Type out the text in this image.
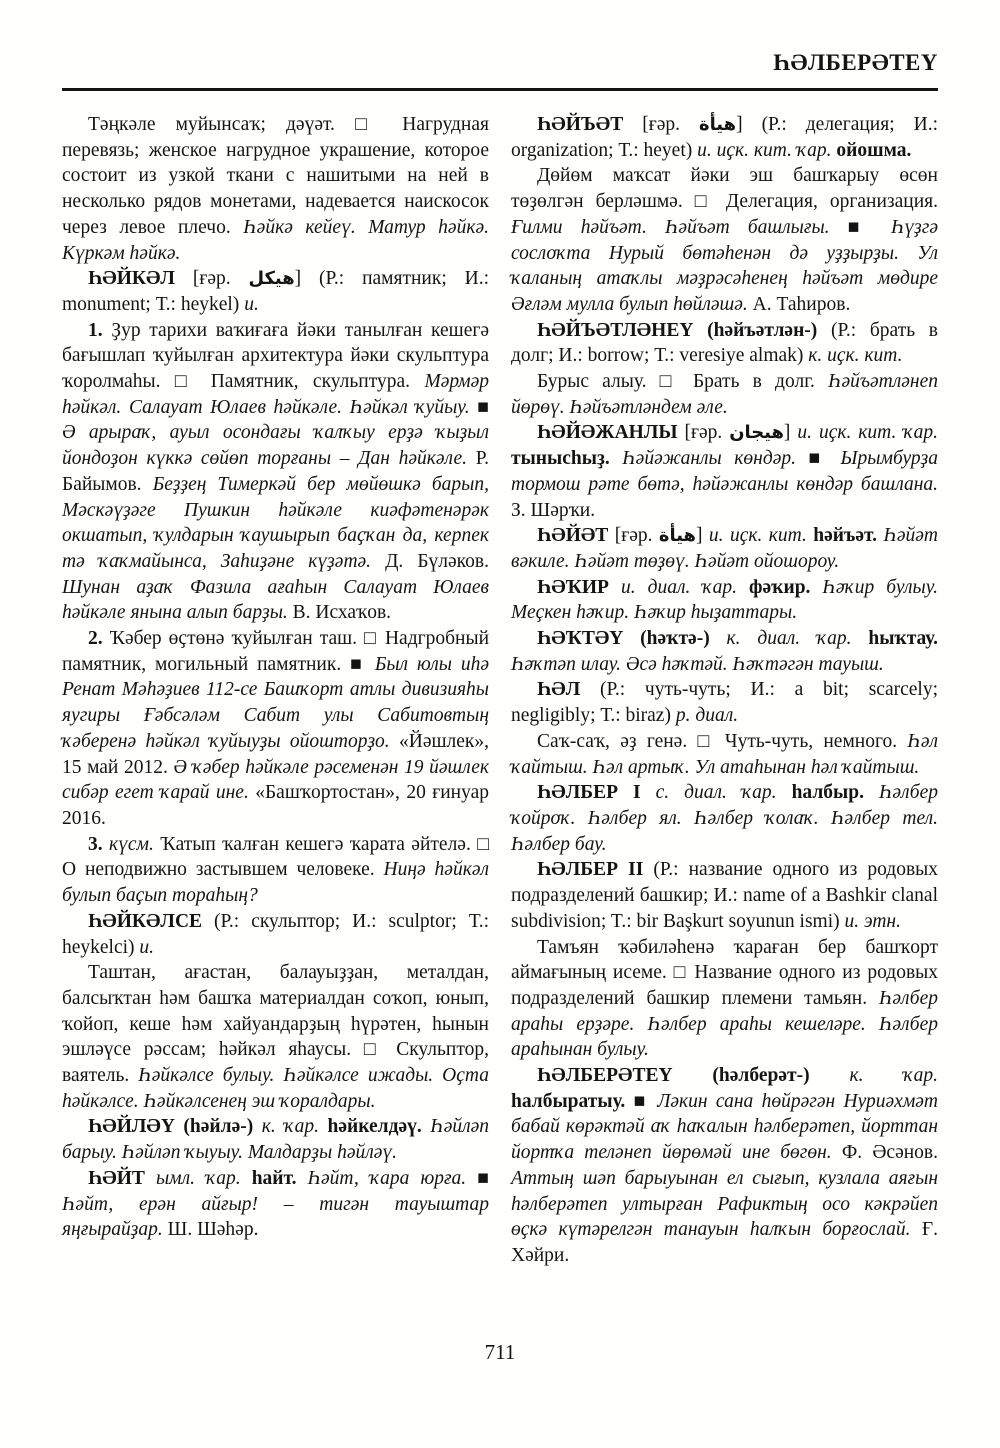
ҺӘЛБЕРӘТЕҮ

Тәңкәле муйынсаҡ; дәүәт. □ Нагрудная перевязь; женское нагрудное украшение, которое состоит из узкой ткани с нашитыми на ней в несколько рядов монетами, надевается наискосок через левое плечо. Һәйкә кейеү. Матур һәйкә. Күркәм һәйкә.

ҺӘЙКӘЛ [ғәр. هيكل] (Р.: памятник; И.: monument; Т.: heykel) и.

1. Ҙур тарихи ваҡиғаға йәки танылған кешегә бағышлап ҡуйылған архитектура йәки скульптура ҡоролмаһы. □ Памятник, скульптура. Мәрмәр һәйкәл. Салауат Юлаев һәйкәле. Һәйкәл ҡуйыу. ■ Ә арыраҡ, ауыл осондағы ҡалҡыу ерҙә ҡыҙыл йондоҙон күккә сөйөп торғаны – Дан һәйкәле. Р. Байымов. Беҙҙең Тимеркәй бер мөйөшкә барып, Мәскәүҙәге Пушкин һәйкәле киәфәтенәрәк окшатып, ҡулдарын ҡаушырып баҫҡан да, керпек тә ҡаҡмайынса, Заһиҙәне күҙәтә. Д. Бүләков. Шунан аҙаҡ Фазила ағаһын Салауат Юлаев һәйкәле янына алып барҙы. В. Исхаҡов.

2. Ҡәбер өҫтөнә ҡуйылған таш. □ Надгробный памятник, могильный памятник. ■ Был юлы иһә Ренат Мәһәҙиев 112-се Башҡорт атлы дивизияһы яугиры Ғәбсәләм Сабит улы Сабитовтың ҡәберенә һәйкәл ҡуйыуҙы ойошторҙо. «Йәшлек», 15 май 2012. Ә ҡәбер һәйкәле рәсеменән 19 йәшлек сибәр егет ҡарай ине. «Башҡортостан», 20 ғинуар 2016.

3. күсм. Ҡатып ҡалған кешегә ҡарата әйтелә. □ О неподвижно застывшем человеке. Ниңә һәйкәл булып баҫып тораһың?

ҺӘЙКӘЛСЕ (Р.: скульптор; И.: sculptor; Т.: heykelci) и.

Таштан, ағастан, балауыҙҙан, металдан, балсыҡтан һәм башҡа материалдан соҡоп, юнып, ҡойоп, кеше һәм хайуандарҙың һүрәтен, һынын эшләүсе рәссам; һәйкәл яһаусы. □ Скульптор, ваятель. Һәйкәлсе булыу. Һәйкәлсе ижады. Оҫта һәйкәлсе. Һәйкәлсенең эш ҡоралдары.

ҺӘЙЛӘҮ (һәйлә-) к. ҡар. һәйкелдәү. Һәйләп барыу. Һәйләп ҡыуыу. Малдарҙы һәйләү.

ҺӘЙТ ымл. ҡар. һайт. Һәйт, ҡара юрға. ■ Һәйт, ерән айғыр! – тигән тауыштар яңғырайҙар. Ш. Шәһәр.

ҺӘЙЪӘТ [ғәр. هيأة] (Р.: делегация; И.: organization; Т.: heyet) и. иҫк. кит. ҡар. ойошма.

Дөйөм маҡсат йәки эш башҡарыу өсөн төҙөлгән берләшмә. □ Делегация, организация. Ғилми һәйъәт. Һәйъәт башлығы. ■ Һүҙгә сослоҡта Нурый бөтәһенән дә уҙҙырҙы. Ул ҡаланың атаҡлы мәҙрәсәһенең һәйъәт мөдире Әғләм мулла булып һөйләшә. А. Таһиров.

ҺӘЙЪӘТЛӘНЕҮ (һәйъәтлән-) (Р.: брать в долг; И.: borrow; Т.: veresiye almak) к. иҫк. кит.

Бурыс алыу. □ Брать в долг. Һәйъәтләнеп йөрөү. Һәйъәтләндем әле.

ҺӘЙӘЖАНЛЫ [ғәр. هيجان] и. иҫк. кит. ҡар. тынысһыҙ. Һәйәжанлы көндәр. ■ Ырымбурҙа тормош рәте бөтә, һәйәжанлы көндәр башлана. З. Шәрҡи.

ҺӘЙӘТ [ғәр. هيأة] и. иҫк. кит. һәйъәт. Һәйәт вәкиле. Һәйәт төҙөү. Һәйәт ойошороу.

ҺӘҠИР и. диал. ҡар. фәҡир. Һәҡир булыу. Меҫкен һәҡир. Һәҡир һыҙаттары.

ҺӘҠТӘҮ (һәҡтә-) к. диал. ҡар. һыҡтау. Һәҡтәп илау. Әсә һәҡтәй. Һәҡтәгән тауыш.

ҺӘЛ (Р.: чуть-чуть; И.: a bit; scarcely; negligibly; Т.: biraz) р. диал.

Саҡ-саҡ, әҙ генә. □ Чуть-чуть, немного. Һәл ҡайтыш. Һәл артыҡ. Ул атаһынан һәл ҡайтыш.

ҺӘЛБЕР I с. диал. ҡар. һалбыр. Һәлбер ҡойроҡ. Һәлбер ял. Һәлбер ҡолаҡ. Һәлбер тел. Һәлбер бау.

ҺӘЛБЕР II (Р.: название одного из родовых подразделений башкир; И.: name of a Bashkir clanal subdivision; T.: bir Başkurt soyunun ismi) и. этн.

Тамъян ҡәбиләһенә ҡараған бер башҡорт аймағының исеме. □ Название одного из родовых подразделений башкир племени тамьян. Һәлбер араһы ерҙәре. Һәлбер араһы кешеләре. Һәлбер араһынан булыу.

ҺӘЛБЕРӘТЕҮ (һәлберәт-) к. ҡар. һалбыратыу. ■ Ләкин сана һөйрәгән Нуриәхмәт бабай көрәктәй аҡ һаҡалын һәлберәтеп, йорттан йортҡа теләнеп йөрөмәй ине бөгөн. Ф. Әсәнов. Аттың шәп барыуынан ел сығып, кузлала аяғын һәлберәтеп ултырған Рафиктың осо кәкрәйеп өҫкә күтәрелгән танауын һалҡын борғослай. Ғ. Хәйри.

711
